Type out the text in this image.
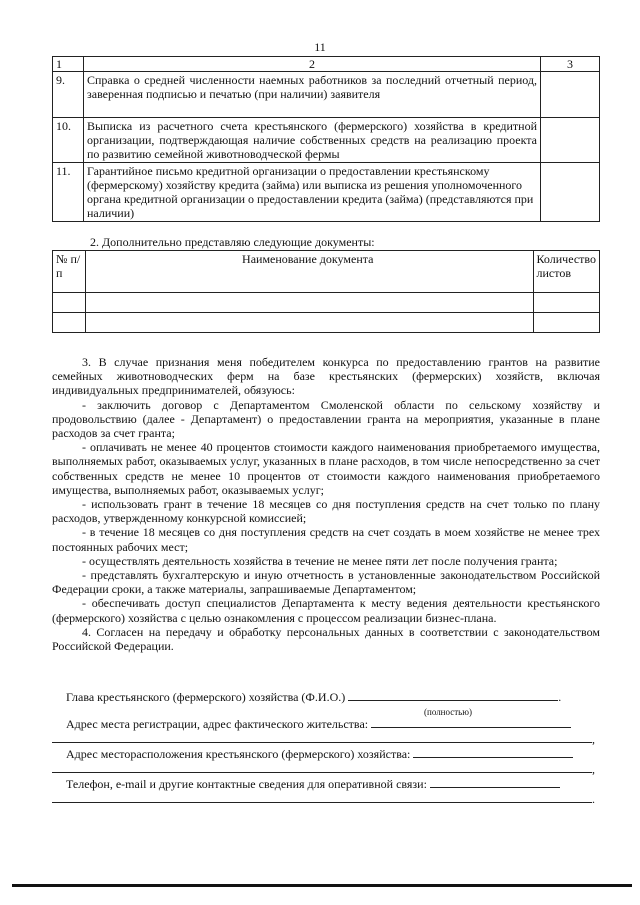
11
1	2	3
9.	Справка о средней численности наемных работников за последний отчетный период, заверенная подписью и печатью (при наличии) заявителя	
10.	Выписка из расчетного счета крестьянского (фермерского) хозяйства в кредитной организации, подтверждающая наличие собственных средств на реализацию проекта по развитию семейной животноводческой фермы	
11.	Гарантийное письмо кредитной организации о предоставлении крестьянскому (фермерскому) хозяйству кредита (займа) или выписка из решения уполномоченного органа кредитной организации о предоставлении кредита (займа) (представляются при наличии)	
2. Дополнительно представляю следующие документы:
№ п/п	Наименование документа	Количество листов

3. В случае признания меня победителем конкурса по предоставлению грантов на развитие семейных животноводческих ферм на базе крестьянских (фермерских) хозяйств, включая индивидуальных предпринимателей, обязуюсь:
- заключить договор с Департаментом Смоленской области по сельскому хозяйству и продовольствию (далее - Департамент) о предоставлении гранта на мероприятия, указанные в плане расходов за счет гранта;
- оплачивать не менее 40 процентов стоимости каждого наименования приобретаемого имущества, выполняемых работ, оказываемых услуг, указанных в плане расходов, в том числе непосредственно за счет собственных средств не менее 10 процентов от стоимости каждого наименования приобретаемого имущества, выполняемых работ, оказываемых услуг;
- использовать грант в течение 18 месяцев со дня поступления средств на счет только по плану расходов, утвержденному конкурсной комиссией;
- в течение 18 месяцев со дня поступления средств на счет создать в моем хозяйстве не менее трех постоянных рабочих мест;
- осуществлять деятельность хозяйства в течение не менее пяти лет после получения гранта;
- представлять бухгалтерскую и иную отчетность в установленные законодательством Российской Федерации сроки, а также материалы, запрашиваемые Департаментом;
- обеспечивать доступ специалистов Департамента к месту ведения деятельности крестьянского (фермерского) хозяйства с целью ознакомления с процессом реализации бизнес-плана.
4. Согласен на передачу и обработку персональных данных в соответствии с законодательством Российской Федерации.
Глава крестьянского (фермерского) хозяйства (Ф.И.О.)	.
(полностью)
Адрес места регистрации, адрес фактического жительства:
,
Адрес месторасположения крестьянского (фермерского) хозяйства:
,
Телефон, e-mail и другие контактные сведения для оперативной связи:
.
